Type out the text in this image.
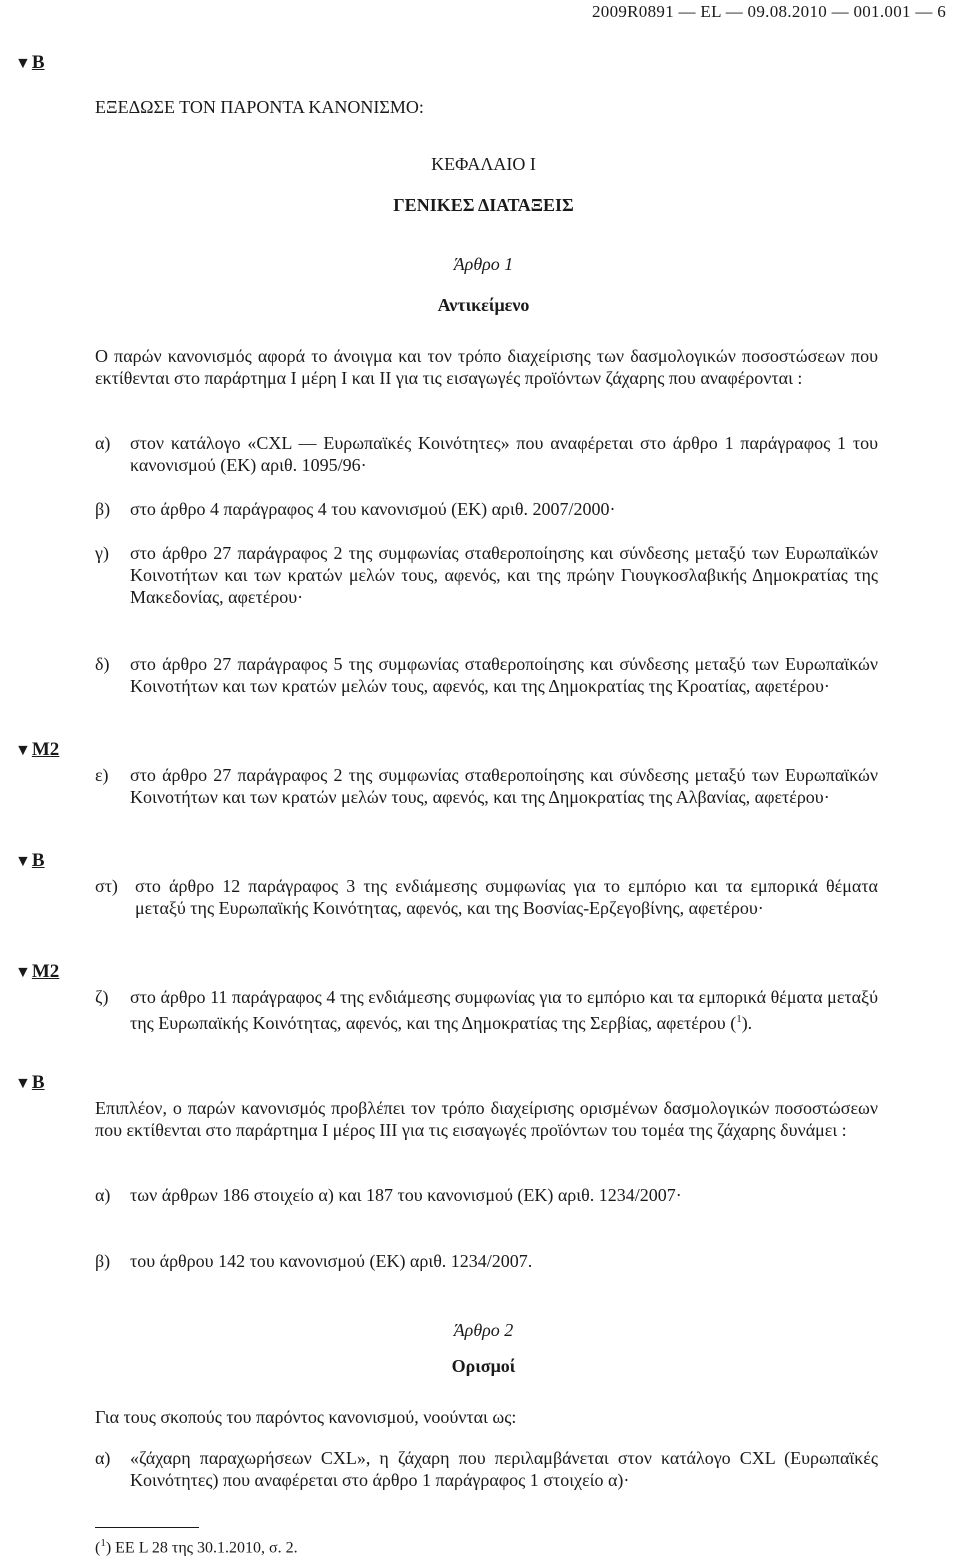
2009R0891 — EL — 09.08.2010 — 001.001 — 6
▼B
▼M2
▼B
▼M2
▼B
ΕΞΕΔΩΣΕ ΤΟΝ ΠΑΡΟΝΤΑ ΚΑΝΟΝΙΣΜΟ:
ΚΕΦΑΛΑΙΟ I
ΓΕΝΙΚΕΣ ΔΙΑΤΑΞΕΙΣ
Άρθρο 1
Αντικείμενο
Ο παρών κανονισμός αφορά το άνοιγμα και τον τρόπο διαχείρισης των δασμολογικών ποσοστώσεων που εκτίθενται στο παράρτημα I μέρη I και II για τις εισαγωγές προϊόντων ζάχαρης που αναφέρονται :
α) στον κατάλογο «CXL — Ευρωπαϊκές Κοινότητες» που αναφέρεται στο άρθρο 1 παράγραφος 1 του κανονισμού (ΕΚ) αριθ. 1095/96·
β) στο άρθρο 4 παράγραφος 4 του κανονισμού (ΕΚ) αριθ. 2007/2000·
γ) στο άρθρο 27 παράγραφος 2 της συμφωνίας σταθεροποίησης και σύνδεσης μεταξύ των Ευρωπαϊκών Κοινοτήτων και των κρατών μελών τους, αφενός, και της πρώην Γιουγκοσλαβικής Δημοκρατίας της Μακεδονίας, αφετέρου·
δ) στο άρθρο 27 παράγραφος 5 της συμφωνίας σταθεροποίησης και σύνδεσης μεταξύ των Ευρωπαϊκών Κοινοτήτων και των κρατών μελών τους, αφενός, και της Δημοκρατίας της Κροατίας, αφετέρου·
ε) στο άρθρο 27 παράγραφος 2 της συμφωνίας σταθεροποίησης και σύνδεσης μεταξύ των Ευρωπαϊκών Κοινοτήτων και των κρατών μελών τους, αφενός, και της Δημοκρατίας της Αλβανίας, αφετέρου·
στ) στο άρθρο 12 παράγραφος 3 της ενδιάμεσης συμφωνίας για το εμπόριο και τα εμπορικά θέματα μεταξύ της Ευρωπαϊκής Κοινότητας, αφενός, και της Βοσνίας-Ερζεγοβίνης, αφετέρου·
ζ) στο άρθρο 11 παράγραφος 4 της ενδιάμεσης συμφωνίας για το εμπόριο και τα εμπορικά θέματα μεταξύ της Ευρωπαϊκής Κοινότητας, αφενός, και της Δημοκρατίας της Σερβίας, αφετέρου ($^1$).
Επιπλέον, ο παρών κανονισμός προβλέπει τον τρόπο διαχείρισης ορισμένων δασμολογικών ποσοστώσεων που εκτίθενται στο παράρτημα I μέρος III για τις εισαγωγές προϊόντων του τομέα της ζάχαρης δυνάμει :
α) των άρθρων 186 στοιχείο α) και 187 του κανονισμού (ΕΚ) αριθ. 1234/2007·
β) του άρθρου 142 του κανονισμού (ΕΚ) αριθ. 1234/2007.
Άρθρο 2
Ορισμοί
Για τους σκοπούς του παρόντος κανονισμού, νοούνται ως:
α) «ζάχαρη παραχωρήσεων CXL», η ζάχαρη που περιλαμβάνεται στον κατάλογο CXL (Ευρωπαϊκές Κοινότητες) που αναφέρεται στο άρθρο 1 παράγραφος 1 στοιχείο α)·
($^1$) ΕΕ L 28 της 30.1.2010, σ. 2.
